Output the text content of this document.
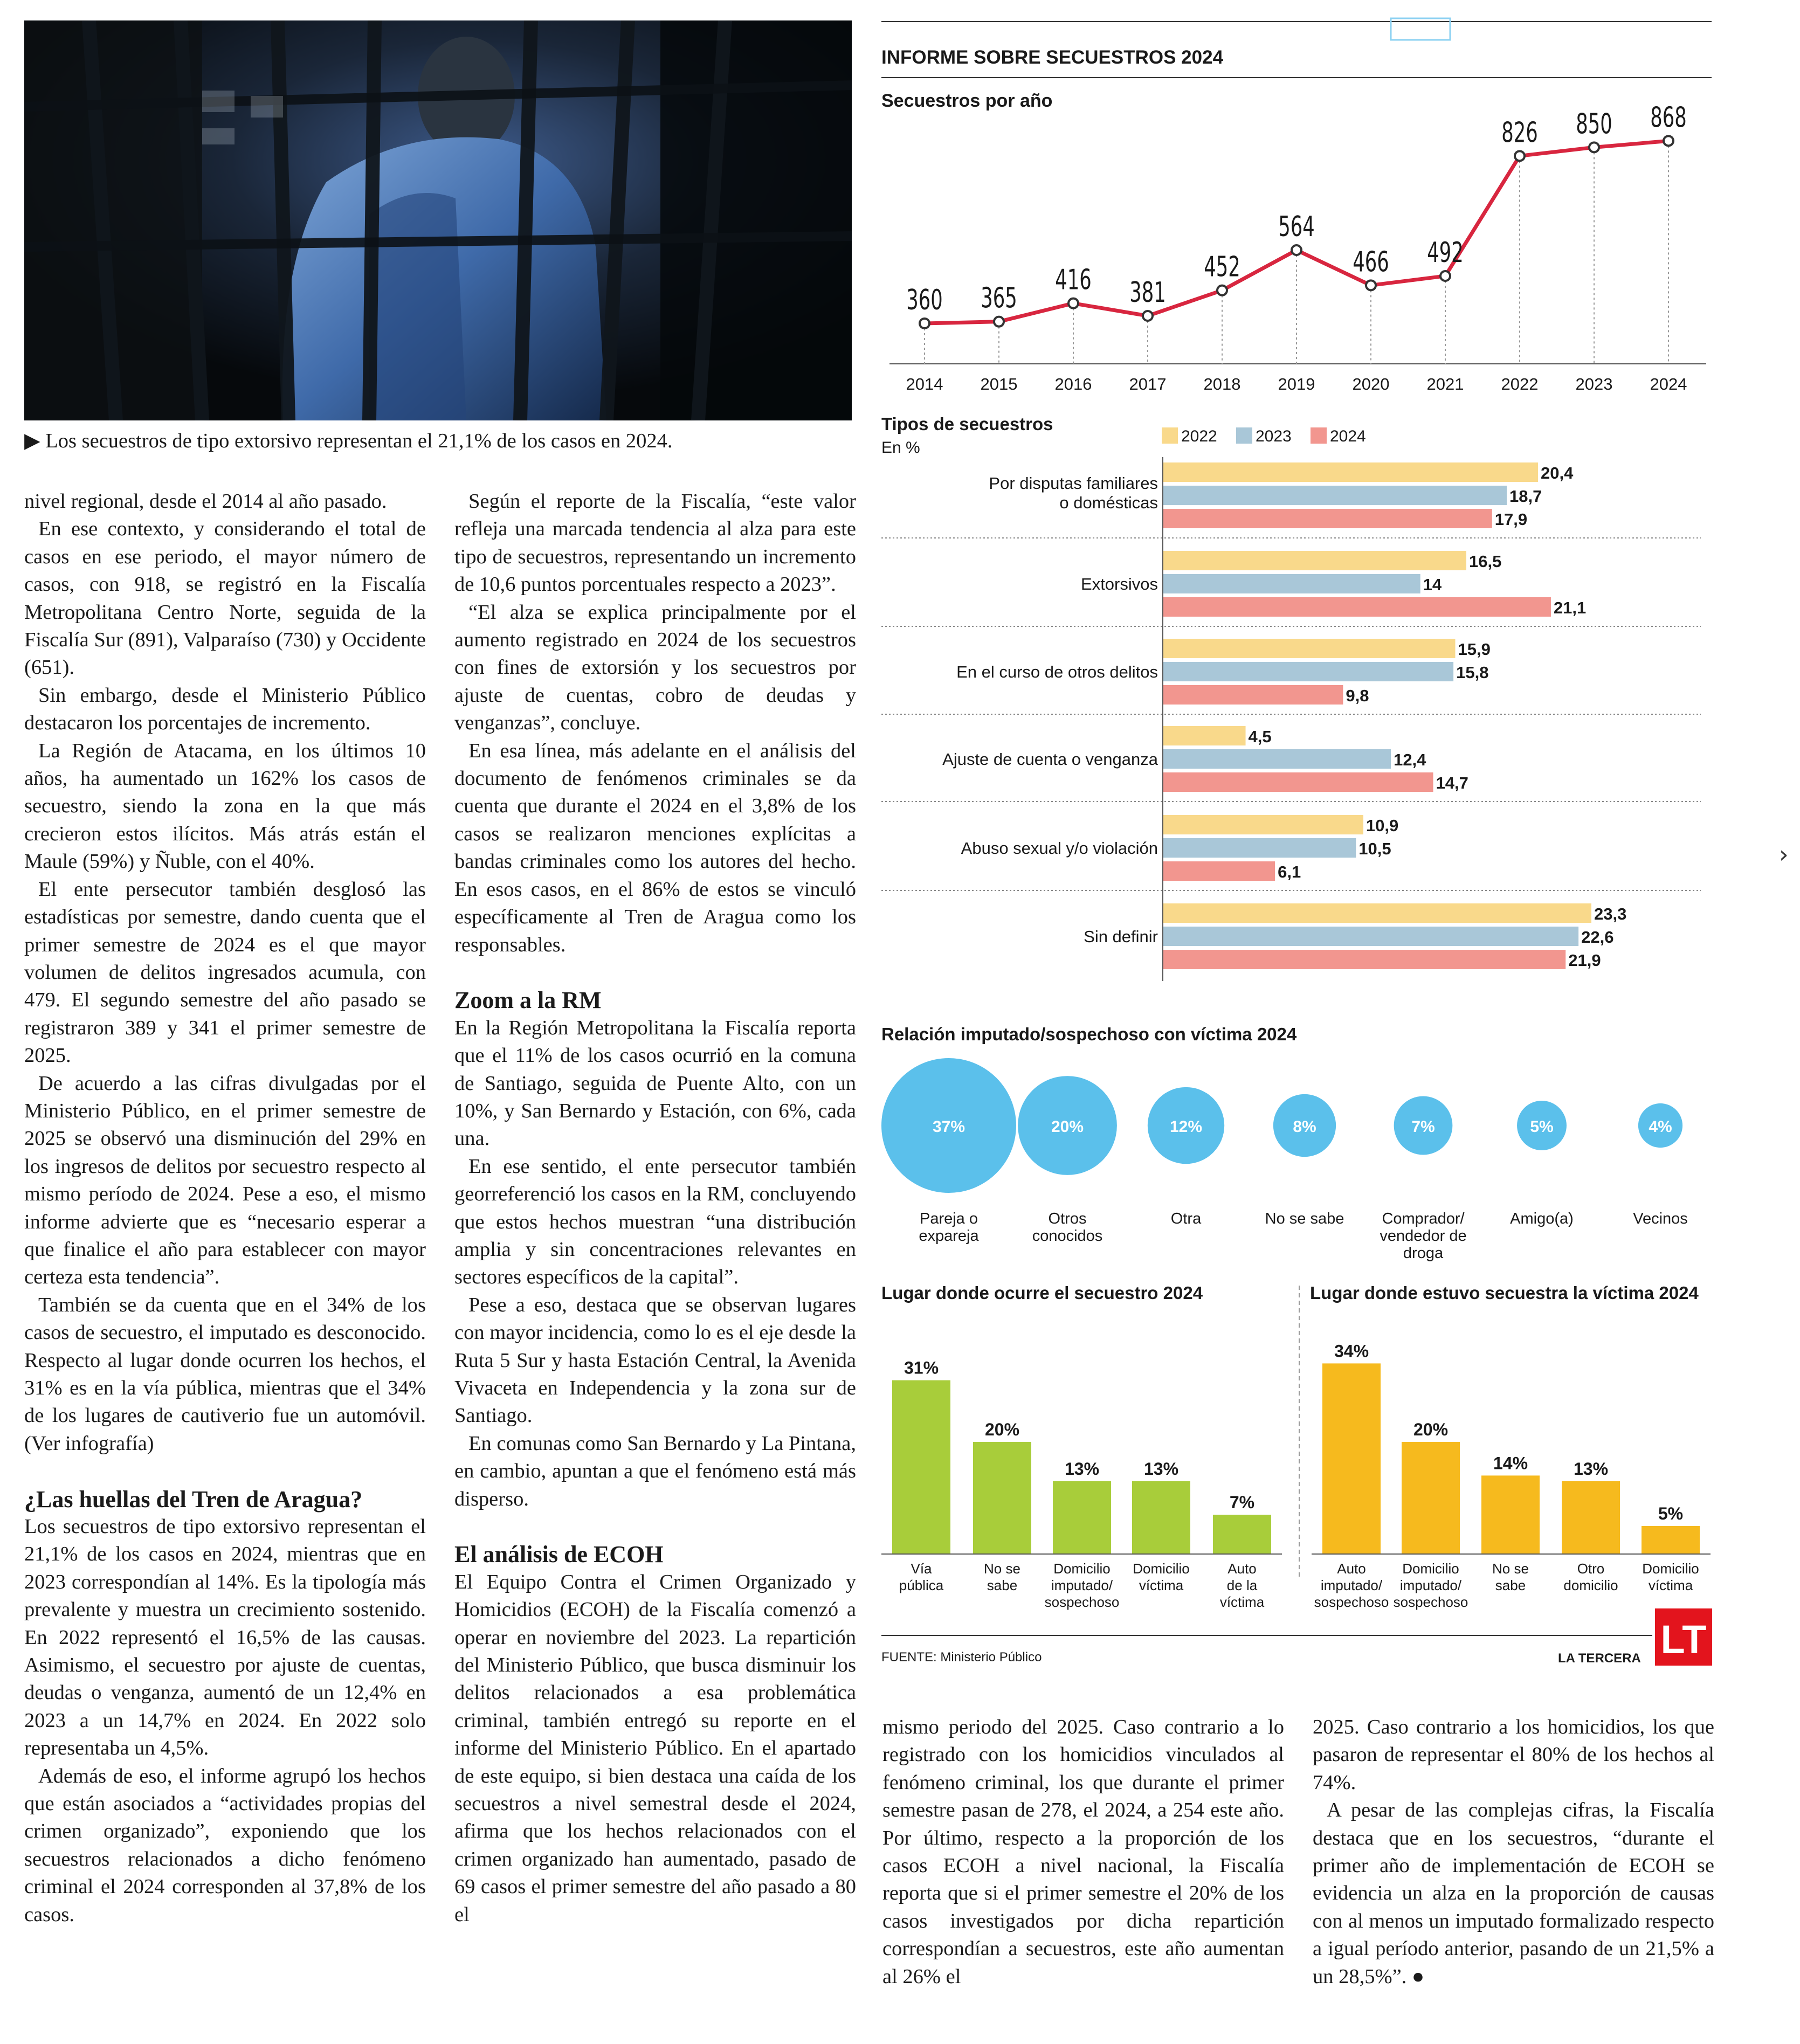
▶ Los secuestros de tipo extorsivo representan el 21,1% de los casos en 2024.

nivel regional, desde el 2014 al año pasado.

En ese contexto, y considerando el total de casos en ese periodo, el mayor número de casos, con 918, se registró en la Fiscalía Metropolitana Centro Norte, seguida de la Fiscalía Sur (891), Valparaíso (730) y Occidente (651).

Sin embargo, desde el Ministerio Público destacaron los porcentajes de incremento.

La Región de Atacama, en los últimos 10 años, ha aumentado un 162% los casos de secuestro, siendo la zona en la que más crecieron estos ilícitos. Más atrás están el Maule (59%) y Ñuble, con el 40%.

El ente persecutor también desglosó las estadísticas por semestre, dando cuenta que el primer semestre de 2024 es el que mayor volumen de delitos ingresados acumula, con 479. El segundo semestre del año pasado se registraron 389 y 341 el primer semestre de 2025.

De acuerdo a las cifras divulgadas por el Ministerio Público, en el primer semestre de 2025 se observó una disminución del 29% en los ingresos de delitos por secuestro respecto al mismo período de 2024. Pese a eso, el mismo informe advierte que es “necesario esperar a que finalice el año para establecer con mayor certeza esta tendencia”.

También se da cuenta que en el 34% de los casos de secuestro, el imputado es desconocido. Respecto al lugar donde ocurren los hechos, el 31% es en la vía pública, mientras que el 34% de los lugares de cautiverio fue un automóvil. (Ver infografía)

¿Las huellas del Tren de Aragua?

Los secuestros de tipo extorsivo representan el 21,1% de los casos en 2024, mientras que en 2023 correspondían al 14%. Es la tipología más prevalente y muestra un crecimiento sostenido. En 2022 representó el 16,5% de las causas. Asimismo, el secuestro por ajuste de cuentas, deudas o venganza, aumentó de un 12,4% en 2023 a un 14,7% en 2024. En 2022 solo representaba un 4,5%.

Además de eso, el informe agrupó los hechos que están asociados a “actividades propias del crimen organizado”, exponiendo que los secuestros relacionados a dicho fenómeno criminal el 2024 corresponden al 37,8% de los casos.

Según el reporte de la Fiscalía, “este valor refleja una marcada tendencia al alza para este tipo de secuestros, representando un incremento de 10,6 puntos porcentuales respecto a 2023”.

“El alza se explica principalmente por el aumento registrado en 2024 de los secuestros con fines de extorsión y los secuestros por ajuste de cuentas, cobro de deudas y venganzas”, concluye.

En esa línea, más adelante en el análisis del documento de fenómenos criminales se da cuenta que durante el 2024 en el 3,8% de los casos se realizaron menciones explícitas a bandas criminales como los autores del hecho. En esos casos, en el 86% de estos se vinculó específicamente al Tren de Aragua como los responsables.

Zoom a la RM

En la Región Metropolitana la Fiscalía reporta que el 11% de los casos ocurrió en la comuna de Santiago, seguida de Puente Alto, con un 10%, y San Bernardo y Estación, con 6%, cada una.

En ese sentido, el ente persecutor también georreferenció los casos en la RM, concluyendo que estos hechos muestran “una distribución amplia y sin concentraciones relevantes en sectores específicos de la capital”.

Pese a eso, destaca que se observan lugares con mayor incidencia, como lo es el eje desde la Ruta 5 Sur y hasta Estación Central, la Avenida Vivaceta en Independencia y la zona sur de Santiago.

En comunas como San Bernardo y La Pintana, en cambio, apuntan a que el fenómeno está más disperso.

El análisis de ECOH

El Equipo Contra el Crimen Organizado y Homicidios (ECOH) de la Fiscalía comenzó a operar en noviembre del 2023. La repartición del Ministerio Público, que busca disminuir los delitos relacionados a esa problemática criminal, también entregó su reporte en el informe del Ministerio Público. En el apartado de este equipo, si bien destaca una caída de los secuestros a nivel semestral desde el 2024, afirma que los hechos relacionados con el crimen organizado han aumentado, pasado de 69 casos el primer semestre del año pasado a 80 el

mismo periodo del 2025. Caso contrario a lo registrado con los homicidios vinculados al fenómeno criminal, los que durante el primer semestre pasan de 278, el 2024, a 254 este año. Por último, respecto a la proporción de los casos ECOH a nivel nacional, la Fiscalía reporta que si el primer semestre el 20% de los casos investigados por dicha repartición correspondían a secuestros, este año aumentan al 26% el

2025. Caso contrario a los homicidios, los que pasaron de representar el 80% de los hechos al 74%.

A pesar de las complejas cifras, la Fiscalía destaca que en los secuestros, “durante el primer año de implementación de ECOH se evidencia un alza en la proporción de causas con al menos un imputado formalizado respecto a igual período anterior, pasando de un 21,5% a un 28,5%”. ●

INFORME SOBRE SECUESTROS 2024
Secuestros por año
2014 2015 2016 2017 2018 2019 2020 2021 2022 2023 2024
360 365
416 381
452
564
466 492
826 850 868
Tipos de secuestros
En %
2022 2023 2024
20,4
18,7
17,9
Por disputas familiares
o domésticas
16,5
14
21,1
Extorsivos
15,9
15,8
9,8
En el curso de otros delitos
4,5
12,4
14,7
Ajuste de cuenta o venganza
10,9
10,5
6,1
Abuso sexual y/o violación
23,3
22,6
21,9
Sin definir
Relación imputado/sospechoso con víctima 2024
37%
Pareja o
expareja
20%
Otros
conocidos
12%
Otra
8%
No se sabe
7%
Comprador/
vendedor de
droga
5%
Amigo(a)
4%
Vecinos
Lugar donde ocurre el secuestro 2024
31%
Vía
pública
20%
No se
sabe
13%
Domicilio
imputado/
sospechoso
13%
Domicilio
víctima
7%
Auto
de la
víctima
Lugar donde estuvo secuestra la víctima 2024
34%
Auto
imputado/
sospechoso
20%
Domicilio
imputado/
sospechoso
14%
No se
sabe
13%
Otro
domicilio
5%
Domicilio
víctima
FUENTE: Ministerio Público	LA TERCERA LT
›
